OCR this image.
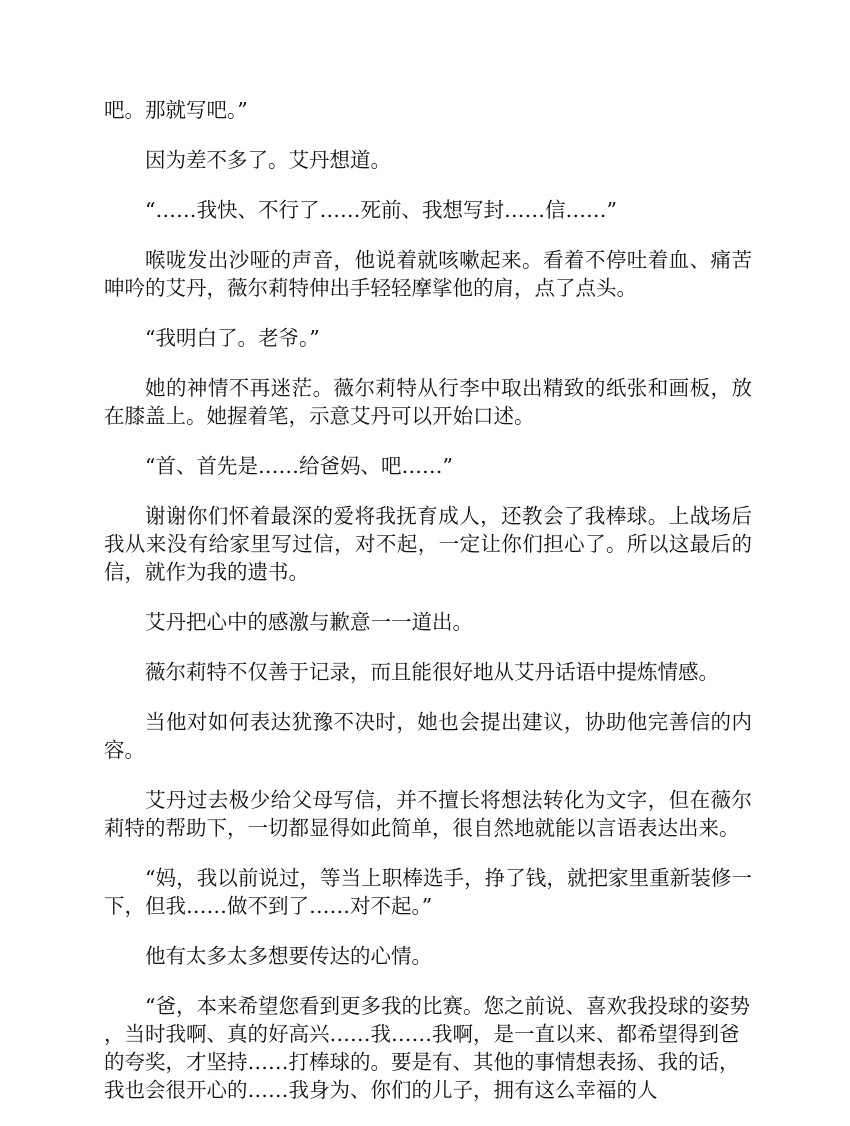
吧。那就写吧。”

因为差不多了。艾丹想道。

“……我快、不行了……死前、我想写封……信……”

喉咙发出沙哑的声音，他说着就咳嗽起来。看着不停吐着血、痛苦呻吟的艾丹，薇尔莉特伸出手轻轻摩挲他的肩，点了点头。

“我明白了。老爷。”

她的神情不再迷茫。薇尔莉特从行李中取出精致的纸张和画板，放在膝盖上。她握着笔，示意艾丹可以开始口述。

“首、首先是……给爸妈、吧……”

谢谢你们怀着最深的爱将我抚育成人，还教会了我棒球。上战场后我从来没有给家里写过信，对不起，一定让你们担心了。所以这最后的信，就作为我的遗书。

艾丹把心中的感激与歉意一一道出。

薇尔莉特不仅善于记录，而且能很好地从艾丹话语中提炼情感。

当他对如何表达犹豫不决时，她也会提出建议，协助他完善信的内容。

艾丹过去极少给父母写信，并不擅长将想法转化为文字，但在薇尔莉特的帮助下，一切都显得如此简单，很自然地就能以言语表达出来。

“妈，我以前说过，等当上职棒选手，挣了钱，就把家里重新装修一下，但我……做不到了……对不起。”

他有太多太多想要传达的心情。

“爸，本来希望您看到更多我的比赛。您之前说、喜欢我投球的姿势，当时我啊、真的好高兴……我……我啊，是一直以来、都希望得到爸的夸奖，才坚持……打棒球的。要是有、其他的事情想表扬、我的话，我也会很开心的……我身为、你们的儿子，拥有这么幸福的人
